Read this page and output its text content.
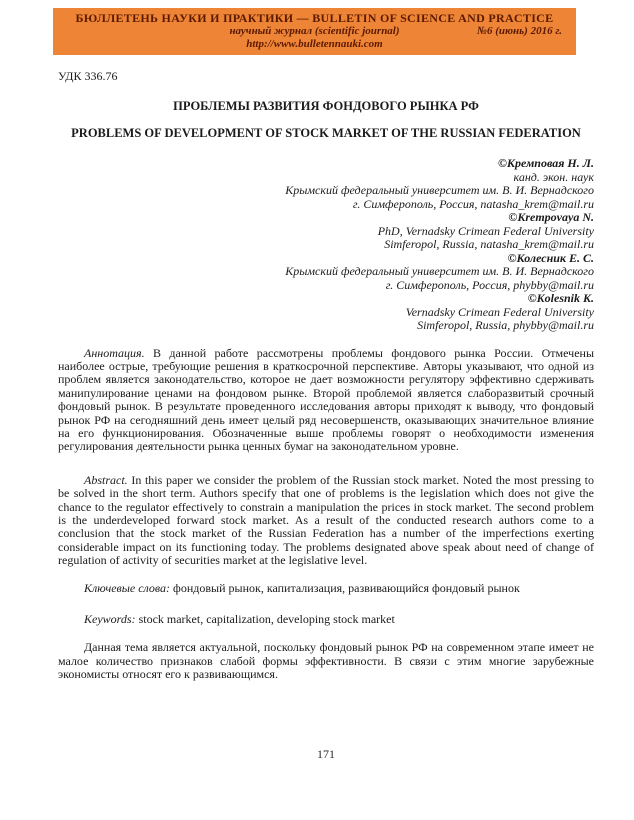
БЮЛЛЕТЕНЬ НАУКИ И ПРАКТИКИ — BULLETIN OF SCIENCE AND PRACTICE
научный журнал (scientific journal)	№6 (июнь) 2016 г.
http://www.bulletennauki.com
УДК 336.76
ПРОБЛЕМЫ РАЗВИТИЯ ФОНДОВОГО РЫНКА РФ
PROBLEMS OF DEVELOPMENT OF STOCK MARKET OF THE RUSSIAN FEDERATION
©Кремповая Н. Л.
канд. экон. наук
Крымский федеральный университет им. В. И. Вернадского
г. Симферополь, Россия, natasha_krem@mail.ru
©Krempovaya N.
PhD, Vernadsky Crimean Federal University
Simferopol, Russia, natasha_krem@mail.ru
©Колесник Е. С.
Крымский федеральный университет им. В. И. Вернадского
г. Симферополь, Россия, phybby@mail.ru
©Kolesnik K.
Vernadsky Crimean Federal University
Simferopol, Russia, phybby@mail.ru

Аннотация. В данной работе рассмотрены проблемы фондового рынка России. Отмечены наиболее острые, требующие решения в краткосрочной перспективе. Авторы указывают, что одной из проблем является законодательство, которое не дает возможности регулятору эффективно сдерживать манипулирование ценами на фондовом рынке. Второй проблемой является слаборазвитый срочный фондовый рынок. В результате проведенного исследования авторы приходят к выводу, что фондовый рынок РФ на сегодняшний день имеет целый ряд несовершенств, оказывающих значительное влияние на его функционирования. Обозначенные выше проблемы говорят о необходимости изменения регулирования деятельности рынка ценных бумаг на законодательном уровне.

Abstract. In this paper we consider the problem of the Russian stock market. Noted the most pressing to be solved in the short term. Authors specify that one of problems is the legislation which does not give the chance to the regulator effectively to constrain a manipulation the prices in stock market. The second problem is the underdeveloped forward stock market. As a result of the conducted research authors come to a conclusion that the stock market of the Russian Federation has a number of the imperfections exerting considerable impact on its functioning today. The problems designated above speak about need of change of regulation of activity of securities market at the legislative level.

Ключевые слова: фондовый рынок, капитализация, развивающийся фондовый рынок

Keywords: stock market, capitalization, developing stock market

Данная тема является актуальной, поскольку фондовый рынок РФ на современном этапе имеет не малое количество признаков слабой формы эффективности. В связи с этим многие зарубежные экономисты относят его к развивающимся.

171
